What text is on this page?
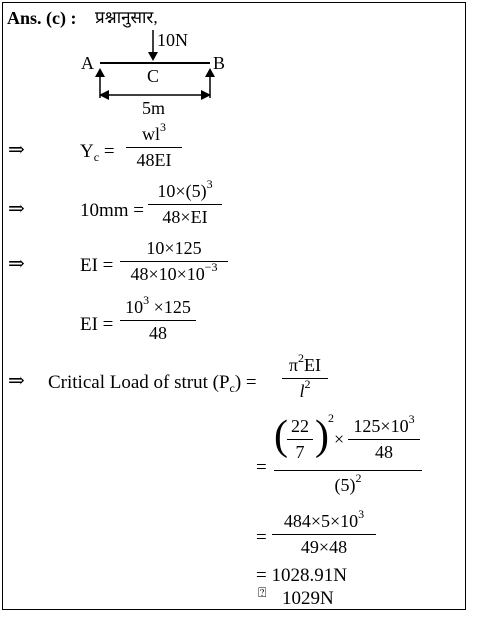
Ans. (c) : प्रश्नानुसार,
10N
A	B
C
5m
⇒	$Y_c$ =
$wl^3$
48EI
⇒	10mm =
$10\times(5)^3$
48×EI
⇒	EI =
10×125
$48\times 10\times 10^{-3}$
EI =
$10^3 \times 125$
48
⇒ Critical Load of strut $(P_c)$ =
$\pi^2EI$
$l^2$
=
( 22
7 ) 2
×
$125\times 10^3$
48
$(5)^2$
=
$484\times 5\times 10^3$
49×48
= 1028.91N
⍰ 1029N
